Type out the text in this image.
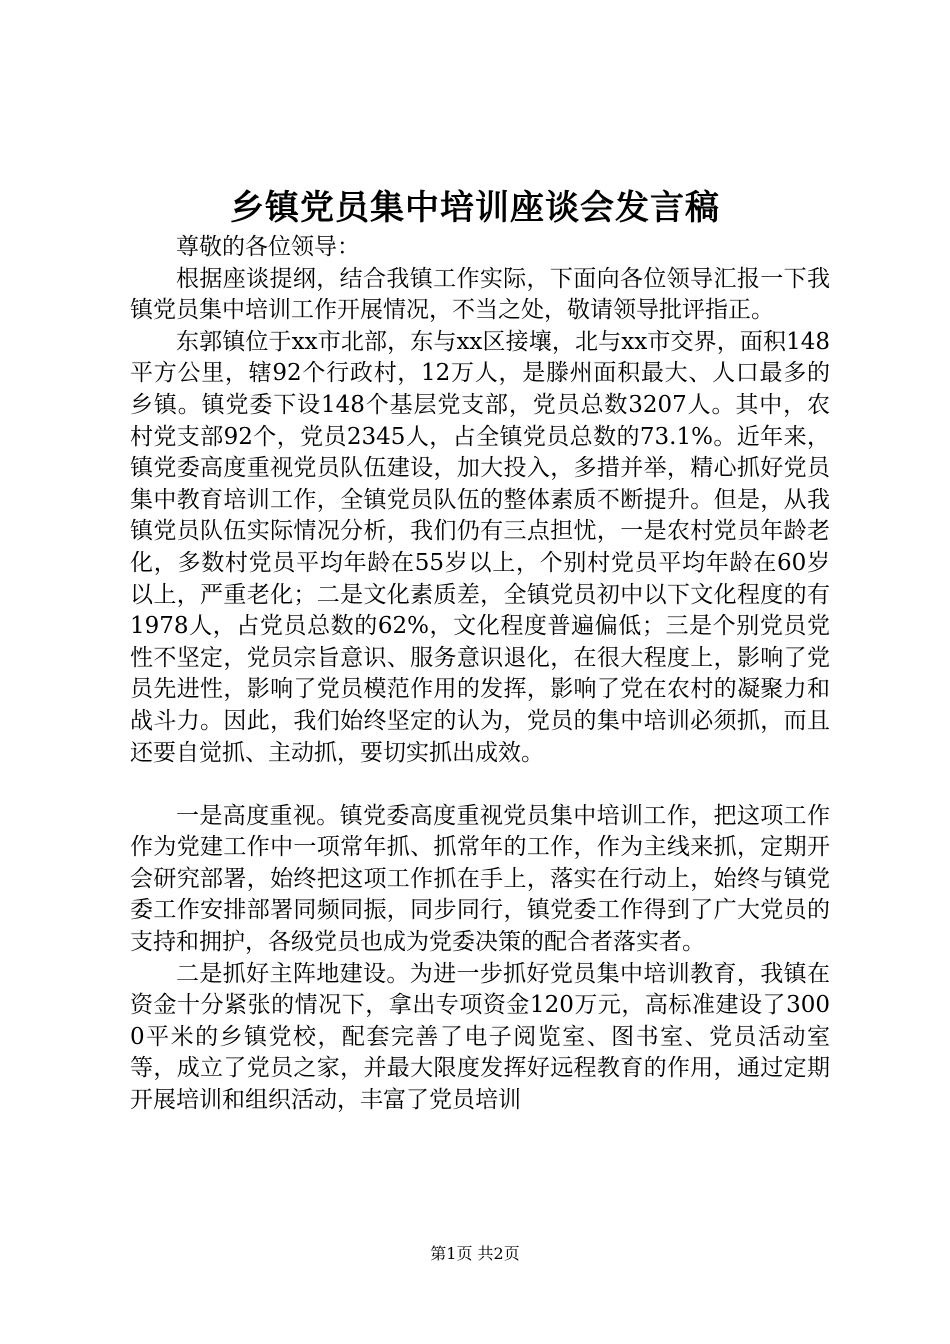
乡镇党员集中培训座谈会发言稿

尊敬的各位领导：

根据座谈提纲，结合我镇工作实际，下面向各位领导汇报一下我镇党员集中培训工作开展情况，不当之处，敬请领导批评指正。

东郭镇位于xx市北部，东与xx区接壤，北与xx市交界，面积148平方公里，辖92个行政村，12万人，是滕州面积最大、人口最多的乡镇。镇党委下设148个基层党支部，党员总数3207人。其中，农村党支部92个，党员2345人，占全镇党员总数的73.1%。近年来，镇党委高度重视党员队伍建设，加大投入，多措并举，精心抓好党员集中教育培训工作，全镇党员队伍的整体素质不断提升。但是，从我镇党员队伍实际情况分析，我们仍有三点担忧，一是农村党员年龄老化，多数村党员平均年龄在55岁以上，个别村党员平均年龄在60岁以上，严重老化；二是文化素质差，全镇党员初中以下文化程度的有1978人，占党员总数的62%，文化程度普遍偏低；三是个别党员党性不坚定，党员宗旨意识、服务意识退化，在很大程度上，影响了党员先进性，影响了党员模范作用的发挥，影响了党在农村的凝聚力和战斗力。因此，我们始终坚定的认为，党员的集中培训必须抓，而且还要自觉抓、主动抓，要切实抓出成效。

一是高度重视。镇党委高度重视党员集中培训工作，把这项工作作为党建工作中一项常年抓、抓常年的工作，作为主线来抓，定期开会研究部署，始终把这项工作抓在手上，落实在行动上，始终与镇党委工作安排部署同频同振，同步同行，镇党委工作得到了广大党员的支持和拥护，各级党员也成为党委决策的配合者落实者。

二是抓好主阵地建设。为进一步抓好党员集中培训教育，我镇在资金十分紧张的情况下，拿出专项资金120万元，高标准建设了3000平米的乡镇党校，配套完善了电子阅览室、图书室、党员活动室等，成立了党员之家，并最大限度发挥好远程教育的作用，通过定期开展培训和组织活动，丰富了党员培训

第1页 共2页
